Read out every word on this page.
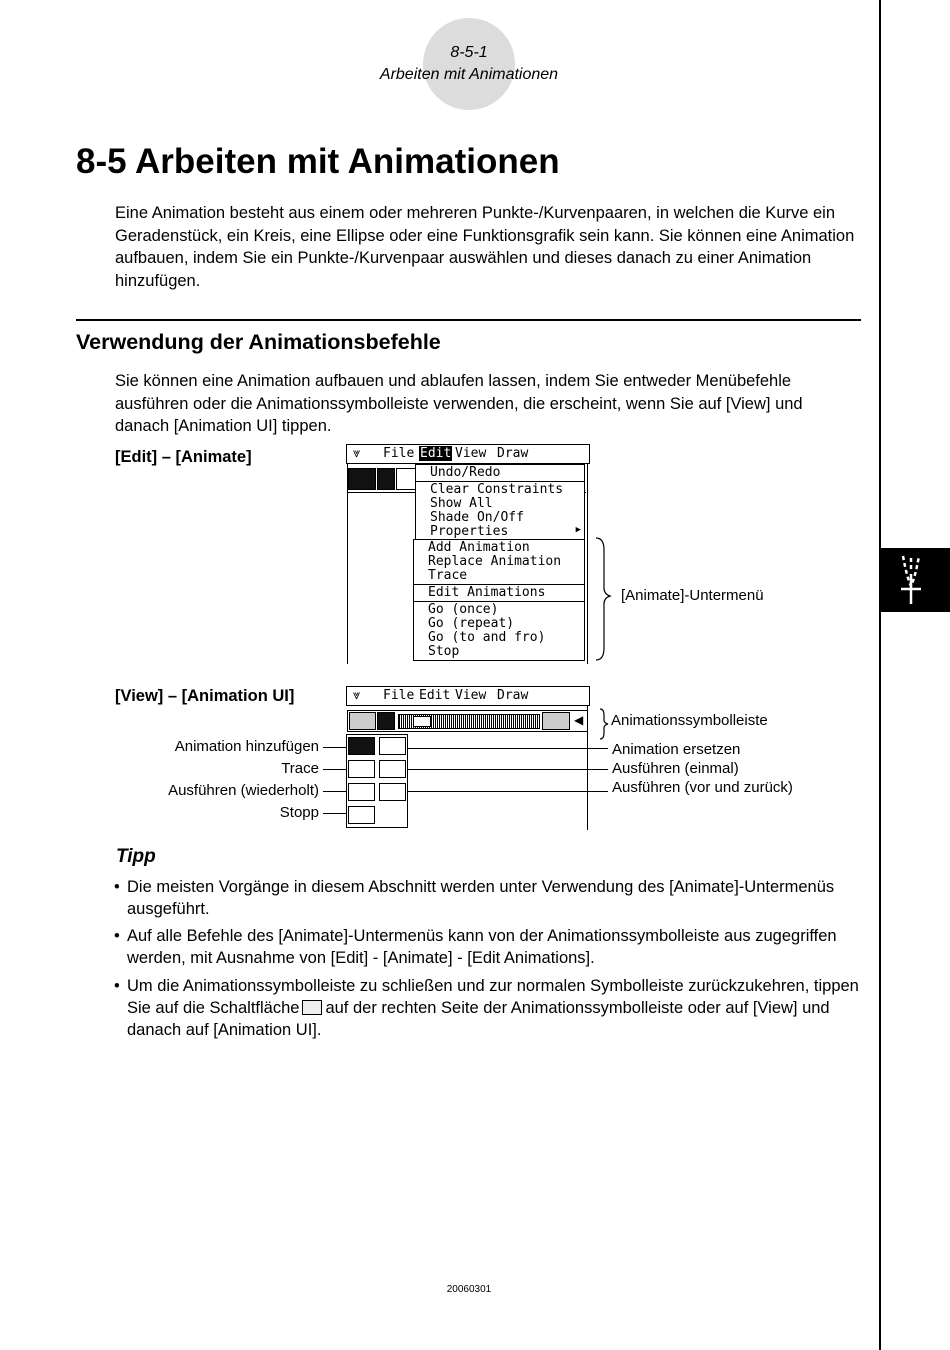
8-5-1
Arbeiten mit Animationen
8-5 Arbeiten mit Animationen

Eine Animation besteht aus einem oder mehreren Punkte-/Kurvenpaaren, in welchen die Kurve ein Geradenstück, ein Kreis, eine Ellipse oder eine Funktionsgrafik sein kann. Sie können eine Animation aufbauen, indem Sie ein Punkte-/Kurvenpaar auswählen und dieses danach zu einer Animation hinzufügen.

Verwendung der Animationsbefehle

Sie können eine Animation aufbauen und ablaufen lassen, indem Sie entweder Menübefehle ausführen oder die Animationssymbolleiste verwenden, die erscheint, wenn Sie auf [View] und danach [Animation UI] tippen.

[Edit] – [Animate]	⩔ File Edit View Draw
Undo/Redo
Clear Constraints
Show All
Shade On/Off
Properties	▶
Add Animation
Replace Animation
Trace
Edit Animations
Go (once)
Go (repeat)
Go (to and fro)
Stop
[Animate]-Untermenü
[View] – [Animation UI]	⩔ File Edit View Draw
◀ Animationssymbolleiste
Animation hinzufügen
Trace
Ausführen (wiederholt)
Stopp
Animation ersetzen
Ausführen (einmal)
Ausführen (vor und zurück)
Tipp
• Die meisten Vorgänge in diesem Abschnitt werden unter Verwendung des [Animate]-Untermenüs ausgeführt.
• Auf alle Befehle des [Animate]-Untermenüs kann von der Animationssymbolleiste aus zugegriffen werden, mit Ausnahme von [Edit] - [Animate] - [Edit Animations].
• Um die Animationssymbolleiste zu schließen und zur normalen Symbolleiste zurückzukehren, tippen Sie auf die Schaltfläche auf der rechten Seite der Animationssymbolleiste oder auf [View] und danach auf [Animation UI].
20060301
